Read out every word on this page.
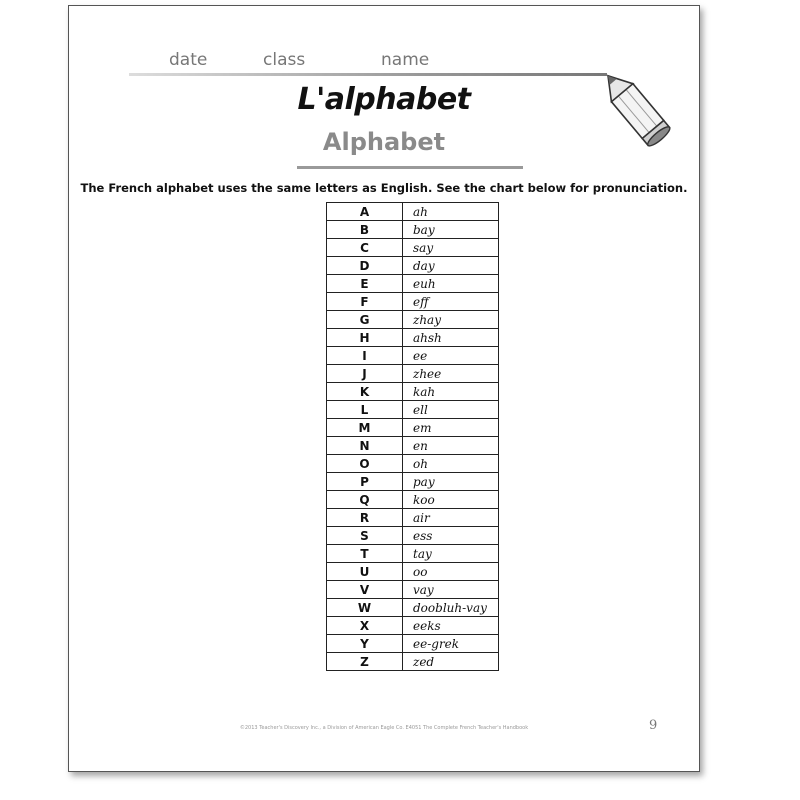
date	class	name
L'alphabet
Alphabet
The French alphabet uses the same letters as English. See the chart below for pronunciation.
A	ah
B	bay
C	say
D	day
E	euh
F	eff
G	zhay
H	ahsh
I	ee
J	zhee
K	kah
L	ell
M	em
N	en
O	oh
P	pay
Q	koo
R	air
S	ess
T	tay
U	oo
V	vay
W	doobluh-vay
X	eeks
Y	ee-grek
Z	zed
©2013 Teacher's Discovery Inc., a Division of American Eagle Co. E4051 The Complete French Teacher's Handbook	9
